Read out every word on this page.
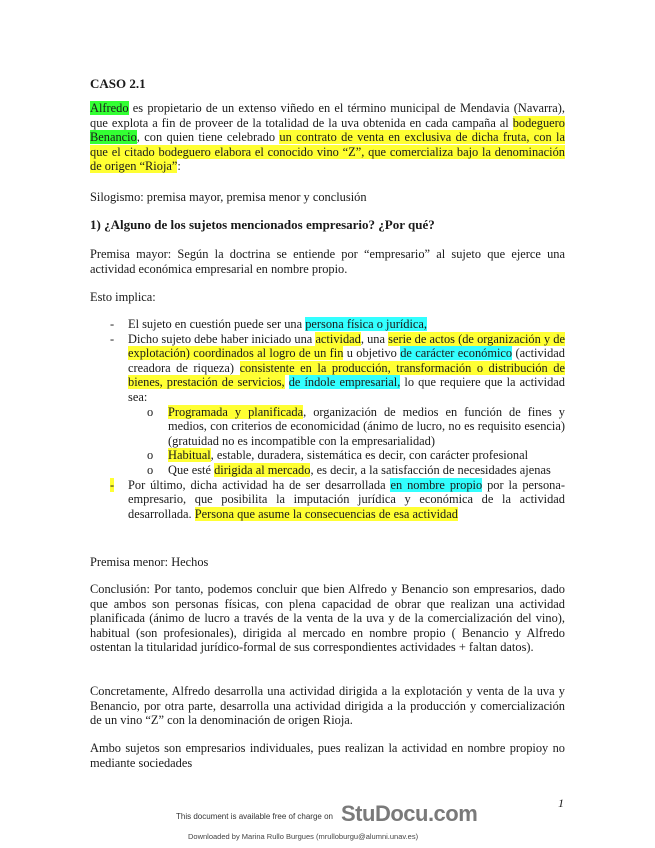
CASO 2.1
Alfredo es propietario de un extenso viñedo en el término municipal de Mendavia (Navarra), que explota a fin de proveer de la totalidad de la uva obtenida en cada campaña al bodeguero Benancio, con quien tiene celebrado un contrato de venta en exclusiva de dicha fruta, con la que el citado bodeguero elabora el conocido vino “Z”, que comercializa bajo la denominación de origen “Rioja”:
Silogismo: premisa mayor, premisa menor y conclusión
1) ¿Alguno de los sujetos mencionados empresario? ¿Por qué?
Premisa mayor: Según la doctrina se entiende por “empresario” al sujeto que ejerce una actividad económica empresarial en nombre propio.
Esto implica:
- El sujeto en cuestión puede ser una persona física o jurídica,
- Dicho sujeto debe haber iniciado una actividad, una serie de actos (de organización y de explotación) coordinados al logro de un fin u objetivo de carácter económico (actividad creadora de riqueza) consistente en la producción, transformación o distribución de bienes, prestación de servicios, de índole empresarial, lo que requiere que la actividad sea:
o Programada y planificada, organización de medios en función de fines y medios, con criterios de economicidad (ánimo de lucro, no es requisito esencia) (gratuidad no es incompatible con la empresarialidad)
o Habitual, estable, duradera, sistemática es decir, con carácter profesional
o Que esté dirigida al mercado, es decir, a la satisfacción de necesidades ajenas
- Por último, dicha actividad ha de ser desarrollada en nombre propio por la persona-empresario, que posibilita la imputación jurídica y económica de la actividad desarrollada. Persona que asume la consecuencias de esa actividad
Premisa menor: Hechos
Conclusión: Por tanto, podemos concluir que bien Alfredo y Benancio son empresarios, dado que ambos son personas físicas, con plena capacidad de obrar que realizan una actividad planificada (ánimo de lucro a través de la venta de la uva y de la comercialización del vino), habitual (son profesionales), dirigida al mercado en nombre propio ( Benancio y Alfredo ostentan la titularidad jurídico-formal de sus correspondientes actividades + faltan datos).
Concretamente, Alfredo desarrolla una actividad dirigida a la explotación y venta de la uva y Benancio, por otra parte, desarrolla una actividad dirigida a la producción y comercialización de un vino “Z” con la denominación de origen Rioja.
Ambo sujetos son empresarios individuales, pues realizan la actividad en nombre propioy no mediante sociedades
1
This document is available free of charge on StuDocu.com
Downloaded by Marina Rullo Burgues (mrulloburgu@alumni.unav.es)
